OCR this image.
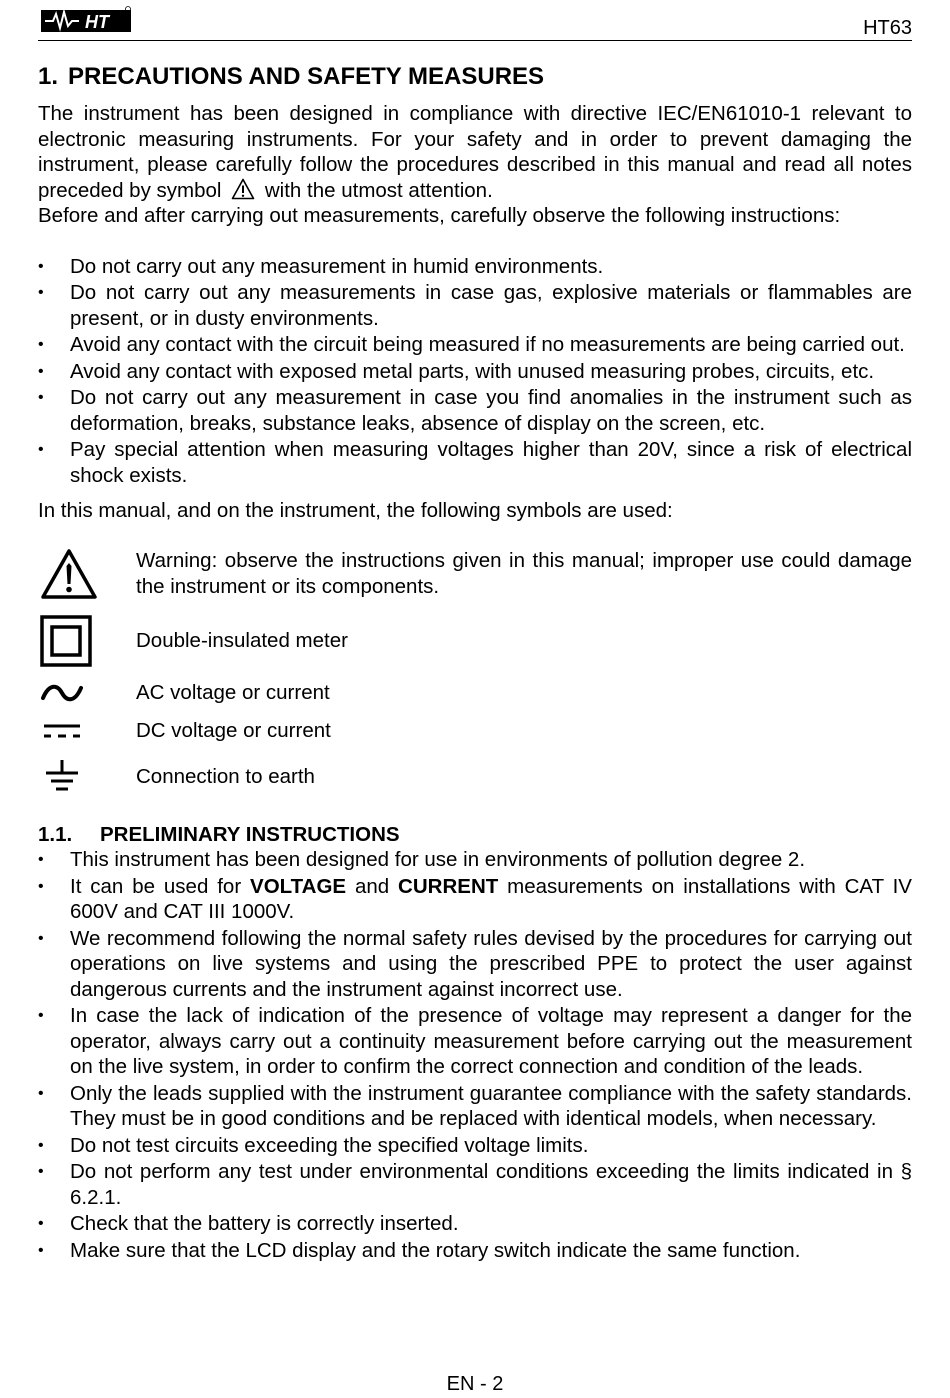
HT	HT63
1. PRECAUTIONS AND SAFETY MEASURES

The instrument has been designed in compliance with directive IEC/EN61010-1 relevant to electronic measuring instruments. For your safety and in order to prevent damaging the instrument, please carefully follow the procedures described in this manual and read all notes preceded by symbol with the utmost attention.

Before and after carrying out measurements, carefully observe the following instructions:

• Do not carry out any measurement in humid environments.
• Do not carry out any measurements in case gas, explosive materials or flammables are present, or in dusty environments.
• Avoid any contact with the circuit being measured if no measurements are being carried out.
• Avoid any contact with exposed metal parts, with unused measuring probes, circuits, etc.
• Do not carry out any measurement in case you find anomalies in the instrument such as deformation, breaks, substance leaks, absence of display on the screen, etc.
• Pay special attention when measuring voltages higher than 20V, since a risk of electrical shock exists.

In this manual, and on the instrument, the following symbols are used:

Warning: observe the instructions given in this manual; improper use could damage the instrument or its components.
Double-insulated meter
AC voltage or current
DC voltage or current
Connection to earth
1.1. PRELIMINARY INSTRUCTIONS
• This instrument has been designed for use in environments of pollution degree 2.
• It can be used for VOLTAGE and CURRENT measurements on installations with CAT IV 600V and CAT III 1000V.
• We recommend following the normal safety rules devised by the procedures for carrying out operations on live systems and using the prescribed PPE to protect the user against dangerous currents and the instrument against incorrect use.
• In case the lack of indication of the presence of voltage may represent a danger for the operator, always carry out a continuity measurement before carrying out the measurement on the live system, in order to confirm the correct connection and condition of the leads.
• Only the leads supplied with the instrument guarantee compliance with the safety standards. They must be in good conditions and be replaced with identical models, when necessary.
• Do not test circuits exceeding the specified voltage limits.
• Do not perform any test under environmental conditions exceeding the limits indicated in § 6.2.1.
• Check that the battery is correctly inserted.
• Make sure that the LCD display and the rotary switch indicate the same function.
EN - 2
